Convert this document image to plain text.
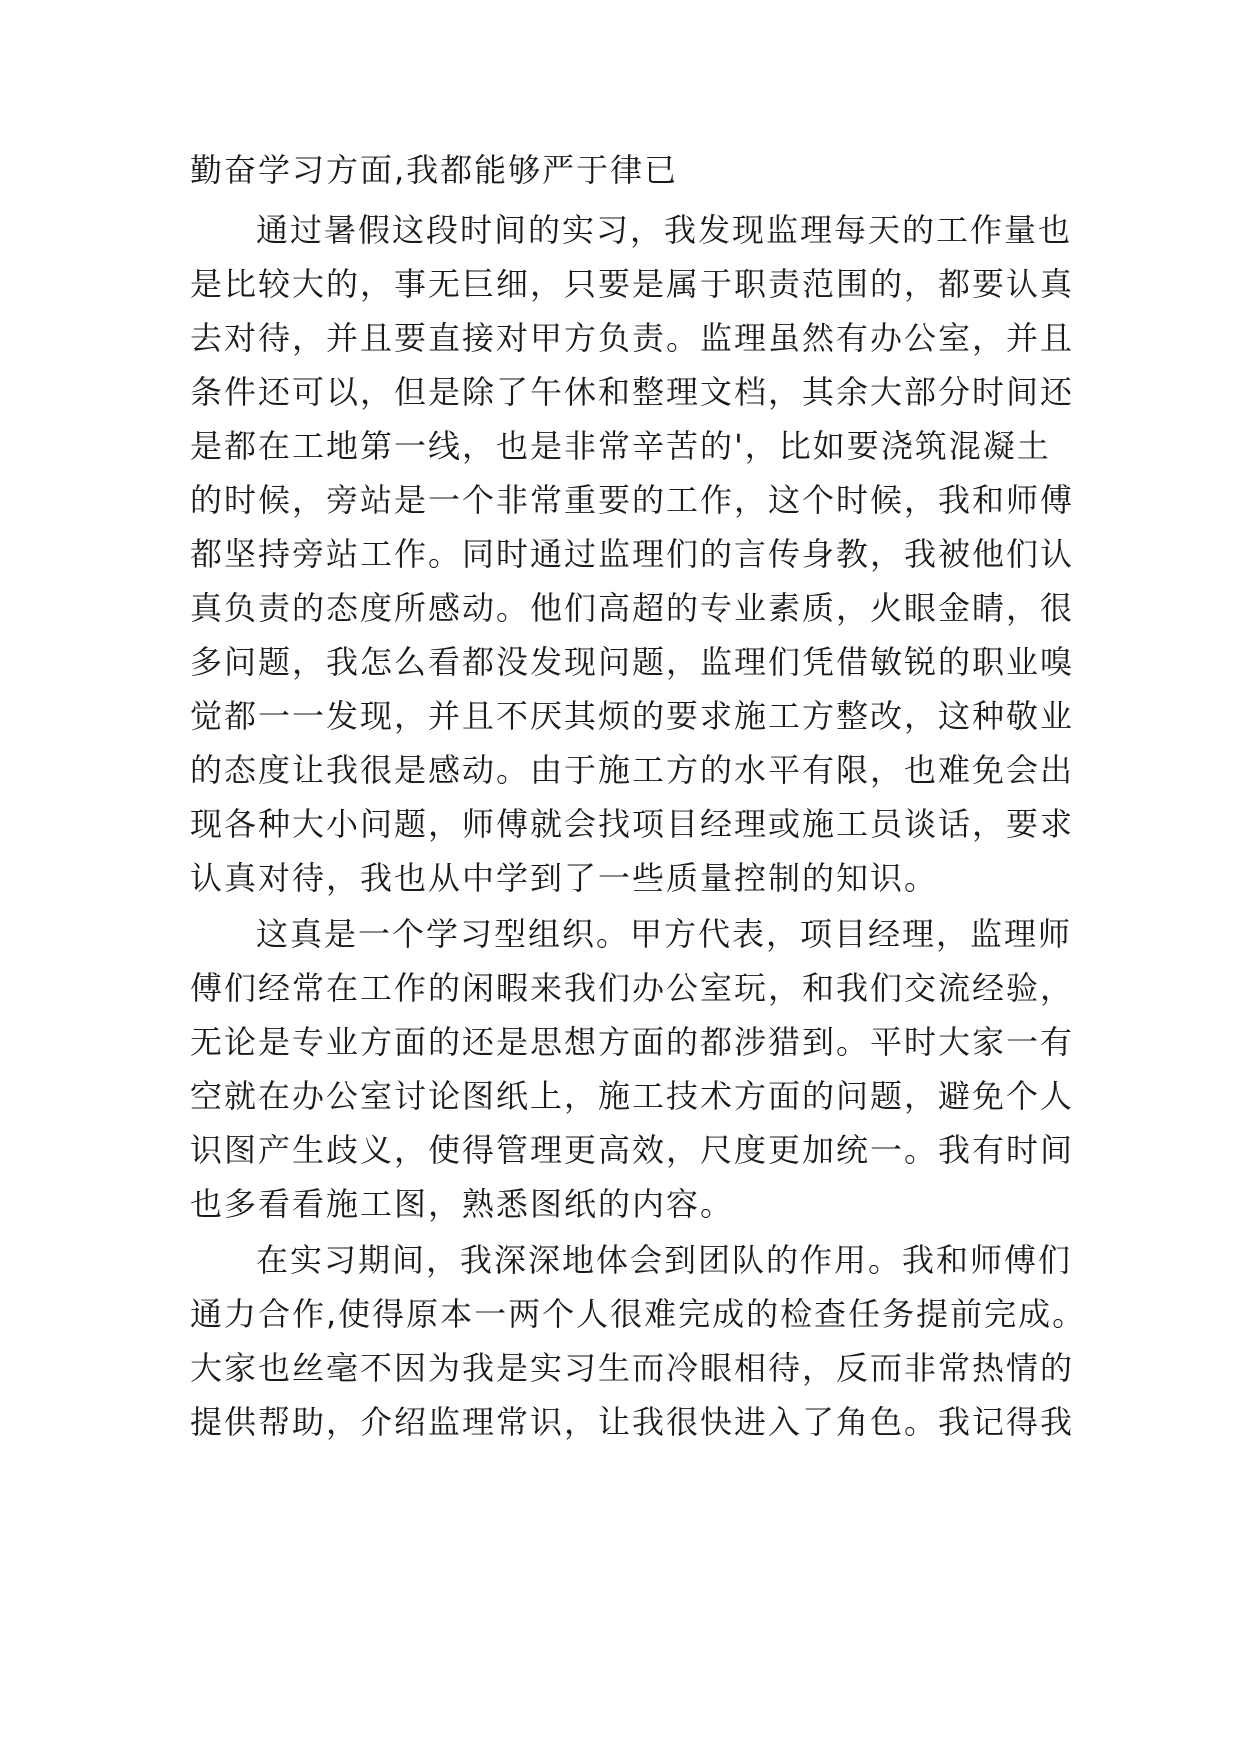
勤奋学习方面,我都能够严于律已
通过暑假这段时间的实习，我发现监理每天的工作量也
是比较大的，事无巨细，只要是属于职责范围的，都要认真
去对待，并且要直接对甲方负责。监理虽然有办公室，并且
条件还可以，但是除了午休和整理文档，其余大部分时间还
是都在工地第一线，也是非常辛苦的'，比如要浇筑混凝土
的时候，旁站是一个非常重要的工作，这个时候，我和师傅
都坚持旁站工作。同时通过监理们的言传身教，我被他们认
真负责的态度所感动。他们高超的专业素质，火眼金睛，很
多问题，我怎么看都没发现问题，监理们凭借敏锐的职业嗅
觉都一一发现，并且不厌其烦的要求施工方整改，这种敬业
的态度让我很是感动。由于施工方的水平有限，也难免会出
现各种大小问题，师傅就会找项目经理或施工员谈话，要求
认真对待，我也从中学到了一些质量控制的知识。
这真是一个学习型组织。甲方代表，项目经理，监理师
傅们经常在工作的闲暇来我们办公室玩，和我们交流经验，
无论是专业方面的还是思想方面的都涉猎到。平时大家一有
空就在办公室讨论图纸上，施工技术方面的问题，避免个人
识图产生歧义，使得管理更高效，尺度更加统一。我有时间
也多看看施工图，熟悉图纸的内容。
在实习期间，我深深地体会到团队的作用。我和师傅们
通力合作,使得原本一两个人很难完成的检查任务提前完成。
大家也丝毫不因为我是实习生而冷眼相待，反而非常热情的
提供帮助，介绍监理常识，让我很快进入了角色。我记得我
